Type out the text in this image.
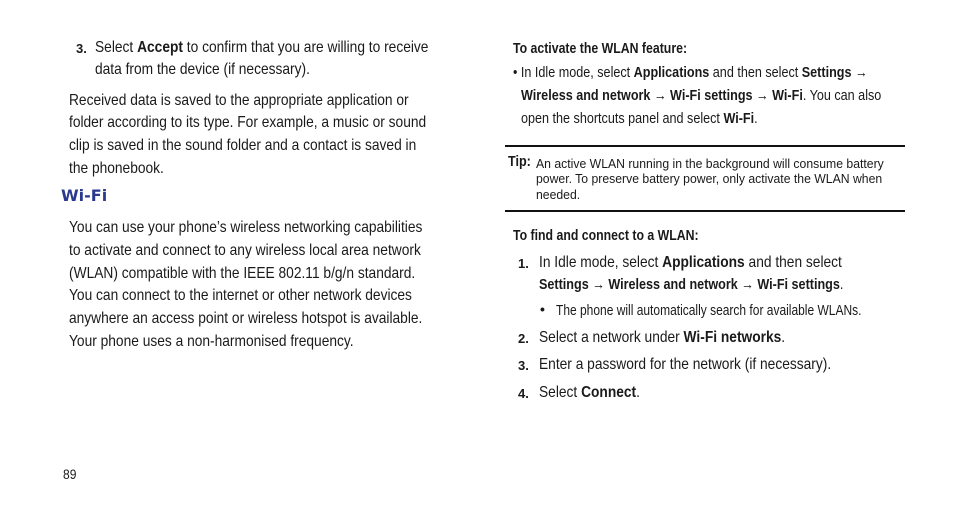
3. Select Accept to confirm that you are willing to receive
data from the device (if necessary).
Received data is saved to the appropriate application or
folder according to its type. For example, a music or sound
clip is saved in the sound folder and a contact is saved in
the phonebook.
Wi-Fi
You can use your phone’s wireless networking capabilities
to activate and connect to any wireless local area network
(WLAN) compatible with the IEEE 802.11 b/g/n standard.
You can connect to the internet or other network devices
anywhere an access point or wireless hotspot is available.
Your phone uses a non-harmonised frequency.
89
To activate the WLAN feature:
• In Idle mode, select Applications and then select Settings →
Wireless and network → Wi-Fi settings → Wi-Fi. You can also
open the shortcuts panel and select Wi-Fi.
Tip: An active WLAN running in the background will consume battery
power. To preserve battery power, only activate the WLAN when
needed.
To find and connect to a WLAN:
1. In Idle mode, select Applications and then select
Settings → Wireless and network → Wi-Fi settings.
• The phone will automatically search for available WLANs.
2. Select a network under Wi-Fi networks.
3. Enter a password for the network (if necessary).
4. Select Connect.
